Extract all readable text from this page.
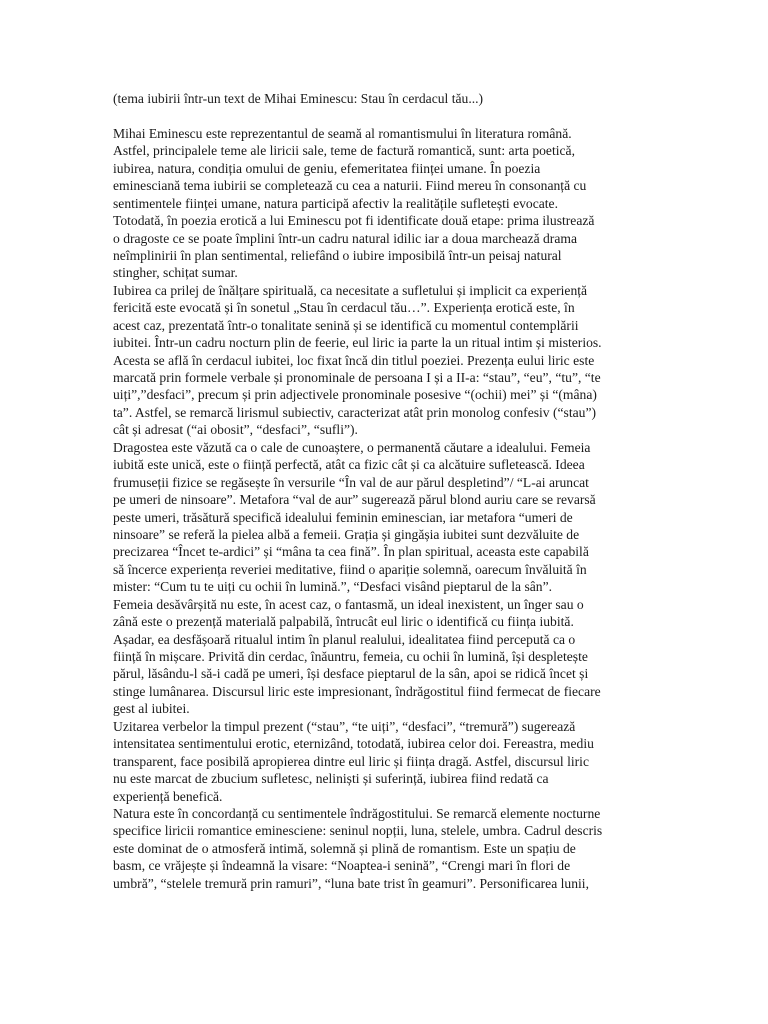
(tema iubirii într-un text de Mihai Eminescu: Stau în cerdacul tău...)
Mihai Eminescu este reprezentantul de seamă al romantismului în literatura română.
Astfel, principalele teme ale liricii sale, teme de factură romantică, sunt: arta poetică,
iubirea, natura, condiția omului de geniu, efemeritatea ființei umane. În poezia
eminesciană tema iubirii se completează cu cea a naturii. Fiind mereu în consonanță cu
sentimentele ființei umane, natura participă afectiv la realitățile sufletești evocate.
Totodată, în poezia erotică a lui Eminescu pot fi identificate două etape: prima ilustrează
o dragoste ce se poate împlini într-un cadru natural idilic iar a doua marchează drama
neîmplinirii în plan sentimental, reliefând o iubire imposibilă într-un peisaj natural
stingher, schițat sumar.
Iubirea ca prilej de înălțare spirituală, ca necesitate a sufletului și implicit ca experiență
fericită este evocată și în sonetul „Stau în cerdacul tău…”. Experiența erotică este, în
acest caz, prezentată într-o tonalitate senină și se identifică cu momentul contemplării
iubitei. Într-un cadru nocturn plin de feerie, eul liric ia parte la un ritual intim și misterios.
Acesta se află în cerdacul iubitei, loc fixat încă din titlul poeziei. Prezența eului liric este
marcată prin formele verbale și pronominale de persoana I și a II-a: “stau”, “eu”, “tu”, “te
uiți”,”desfaci”, precum și prin adjectivele pronominale posesive “(ochii) mei” și “(mâna)
ta”. Astfel, se remarcă lirismul subiectiv, caracterizat atât prin monolog confesiv (“stau”)
cât și adresat (“ai obosit”, “desfaci”, “sufli”).
Dragostea este văzută ca o cale de cunoaștere, o permanentă căutare a idealului. Femeia
iubită este unică, este o ființă perfectă, atât ca fizic cât și ca alcătuire sufletească. Ideea
frumuseții fizice se regăsește în versurile “În val de aur părul despletind”/ “L-ai aruncat
pe umeri de ninsoare”. Metafora “val de aur” sugerează părul blond auriu care se revarsă
peste umeri, trăsătură specifică idealului feminin eminescian, iar metafora “umeri de
ninsoare” se referă la pielea albă a femeii. Grația și gingășia iubitei sunt dezvăluite de
precizarea “Încet te-ardici” și “mâna ta cea fină”. În plan spiritual, aceasta este capabilă
să încerce experiența reveriei meditative, fiind o apariție solemnă, oarecum învăluită în
mister: “Cum tu te uiți cu ochii în lumină.”, “Desfaci visând pieptarul de la sân”.
Femeia desăvârșită nu este, în acest caz, o fantasmă, un ideal inexistent, un înger sau o
zână este o prezență materială palpabilă, întrucât eul liric o identifică cu ființa iubită.
Așadar, ea desfășoară ritualul intim în planul realului, idealitatea fiind percepută ca o
ființă în mișcare. Privită din cerdac, înăuntru, femeia, cu ochii în lumină, își despletește
părul, lăsându-l să-i cadă pe umeri, își desface pieptarul de la sân, apoi se ridică încet și
stinge lumânarea. Discursul liric este impresionant, îndrăgostitul fiind fermecat de fiecare
gest al iubitei.
Uzitarea verbelor la timpul prezent (“stau”, “te uiți”, “desfaci”, “tremură”) sugerează
intensitatea sentimentului erotic, eternizând, totodată, iubirea celor doi. Fereastra, mediu
transparent, face posibilă apropierea dintre eul liric și ființa dragă. Astfel, discursul liric
nu este marcat de zbucium sufletesc, neliniști și suferință, iubirea fiind redată ca
experiență benefică.
Natura este în concordanță cu sentimentele îndrăgostitului. Se remarcă elemente nocturne
specifice liricii romantice eminesciene: seninul nopții, luna, stelele, umbra. Cadrul descris
este dominat de o atmosferă intimă, solemnă și plină de romantism. Este un spațiu de
basm, ce vrăjește și îndeamnă la visare: “Noaptea-i senină”, “Crengi mari în flori de
umbră”, “stelele tremură prin ramuri”, “luna bate trist în geamuri”. Personificarea lunii,
